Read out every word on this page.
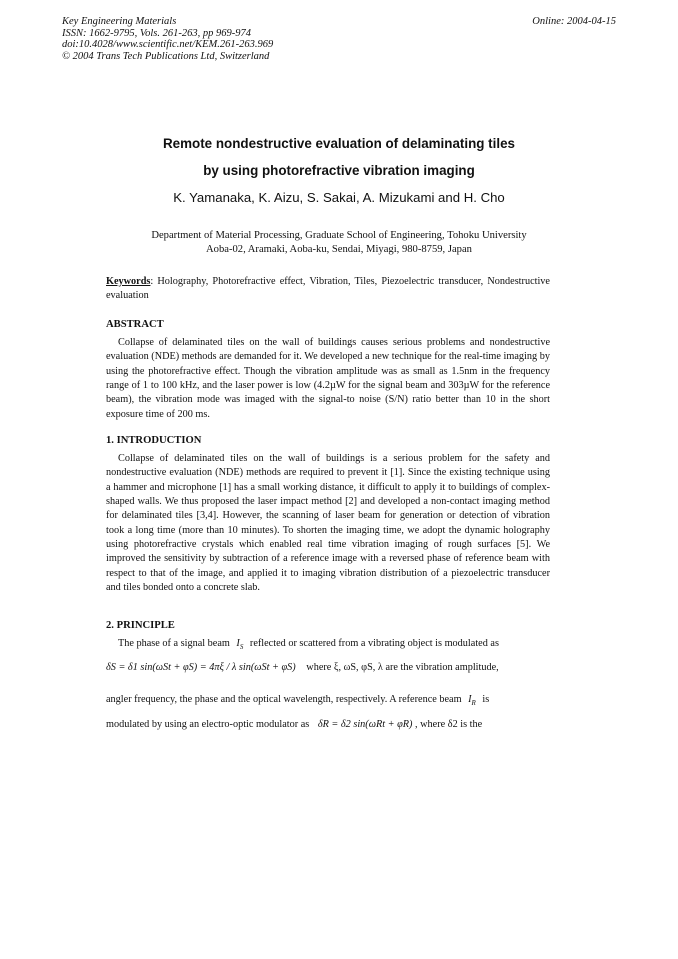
Key Engineering Materials
ISSN: 1662-9795, Vols. 261-263, pp 969-974
doi:10.4028/www.scientific.net/KEM.261-263.969
© 2004 Trans Tech Publications Ltd, Switzerland
Online: 2004-04-15
Remote nondestructive evaluation of delaminating tiles
by using photorefractive vibration imaging
K. Yamanaka, K. Aizu, S. Sakai, A. Mizukami and H. Cho
Department of Material Processing, Graduate School of Engineering, Tohoku University
Aoba-02, Aramaki, Aoba-ku, Sendai, Miyagi, 980-8759, Japan
Keywords: Holography, Photorefractive effect, Vibration, Tiles, Piezoelectric transducer, Nondestructive evaluation
ABSTRACT
Collapse of delaminated tiles on the wall of buildings causes serious problems and nondestructive evaluation (NDE) methods are demanded for it. We developed a new technique for the real-time imaging by using the photorefractive effect. Though the vibration amplitude was as small as 1.5nm in the frequency range of 1 to 100 kHz, and the laser power is low (4.2µW for the signal beam and 303µW for the reference beam), the vibration mode was imaged with the signal-to noise (S/N) ratio better than 10 in the short exposure time of 200 ms.
1. INTRODUCTION
Collapse of delaminated tiles on the wall of buildings is a serious problem for the safety and nondestructive evaluation (NDE) methods are required to prevent it [1]. Since the existing technique using a hammer and microphone [1] has a small working distance, it difficult to apply it to buildings of complex-shaped walls. We thus proposed the laser impact method [2] and developed a non-contact imaging method for delaminated tiles [3,4]. However, the scanning of laser beam for generation or detection of vibration took a long time (more than 10 minutes). To shorten the imaging time, we adopt the dynamic holography using photorefractive crystals which enabled real time vibration imaging of rough surfaces [5]. We improved the sensitivity by subtraction of a reference image with a reversed phase of reference beam with respect to that of the image, and applied it to imaging vibration distribution of a piezoelectric transducer and tiles bonded onto a concrete slab.
2. PRINCIPLE
The phase of a signal beam $I_S$ reflected or scattered from a vibrating object is modulated as
δS = δ1 sin(ωSt + φS) = 4πξ / λ sin(ωSt + φS) where ξ, ωS, φS, λ are the vibration amplitude,
angler frequency, the phase and the optical wavelength, respectively. A reference beam $I_R$ is
modulated by using an electro-optic modulator as δR = δ2 sin(ωRt + φR) , where δ2 is the
